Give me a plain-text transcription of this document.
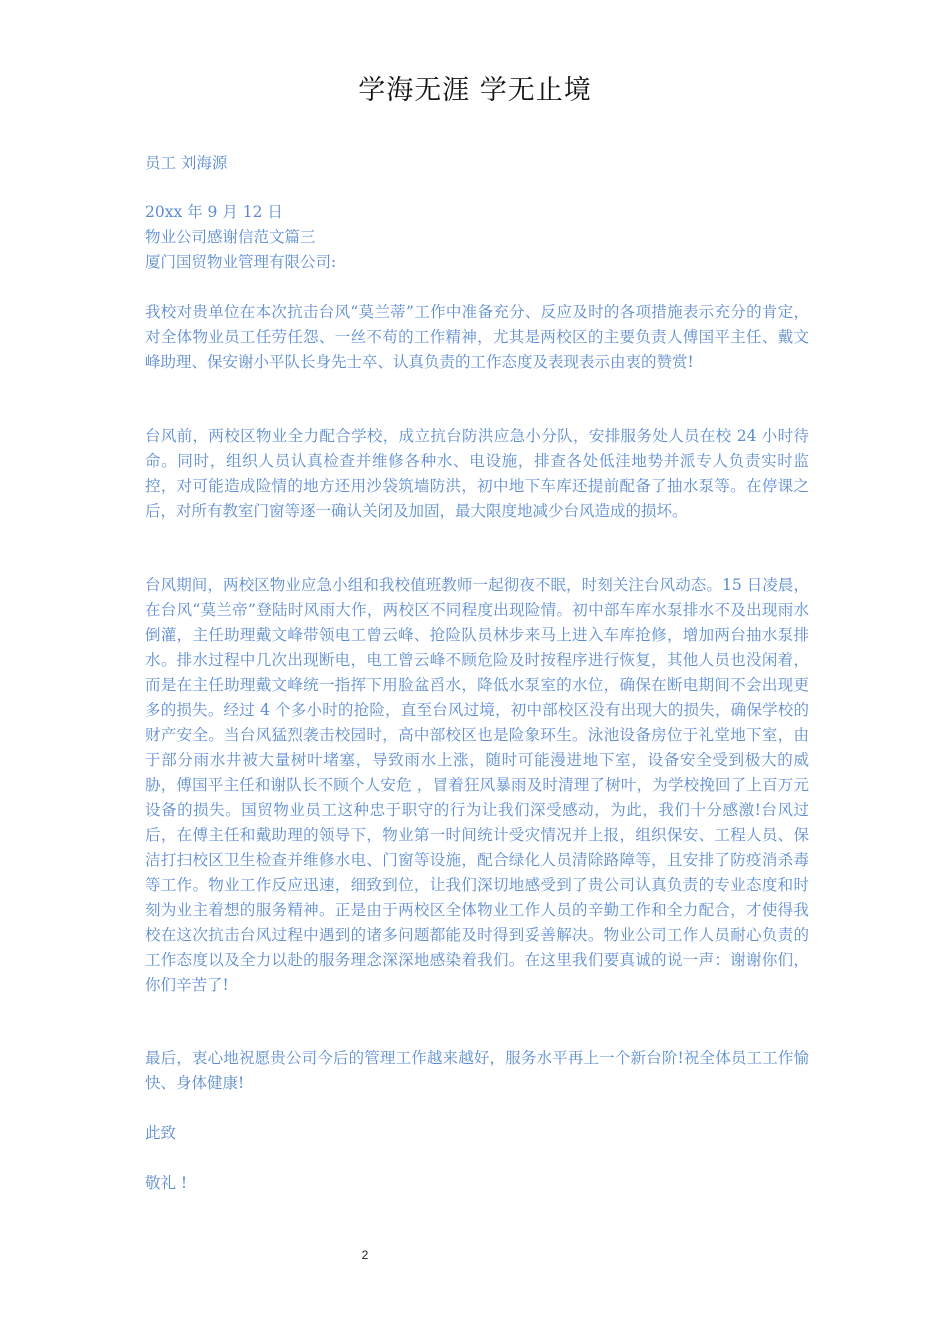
学海无涯 学无止境
员工 刘海源
20xx 年 9 月 12 日
物业公司感谢信范文篇三
厦门国贸物业管理有限公司:
我校对贵单位在本次抗击台风“莫兰蒂”工作中准备充分、反应及时的各项措施表示充分的肯定，对全体物业员工任劳任怨、一丝不苟的工作精神，尤其是两校区的主要负责人傅国平主任、戴文峰助理、保安谢小平队长身先士卒、认真负责的工作态度及表现表示由衷的赞赏!
台风前，两校区物业全力配合学校，成立抗台防洪应急小分队，安排服务处人员在校 24 小时待命。同时，组织人员认真检查并维修各种水、电设施，排查各处低洼地势并派专人负责实时监控，对可能造成险情的地方还用沙袋筑墙防洪，初中地下车库还提前配备了抽水泵等。在停课之后，对所有教室门窗等逐一确认关闭及加固，最大限度地减少台风造成的损坏。
台风期间，两校区物业应急小组和我校值班教师一起彻夜不眠，时刻关注台风动态。15 日凌晨，在台风“莫兰帝”登陆时风雨大作，两校区不同程度出现险情。初中部车库水泵排水不及出现雨水倒灌，主任助理戴文峰带领电工曾云峰、抢险队员林步来马上进入车库抢修，增加两台抽水泵排水。排水过程中几次出现断电，电工曾云峰不顾危险及时按程序进行恢复，其他人员也没闲着，而是在主任助理戴文峰统一指挥下用脸盆舀水，降低水泵室的水位，确保在断电期间不会出现更多的损失。经过 4 个多小时的抢险，直至台风过境，初中部校区没有出现大的损失，确保学校的财产安全。当台风猛烈袭击校园时，高中部校区也是险象环生。泳池设备房位于礼堂地下室，由于部分雨水井被大量树叶堵塞，导致雨水上涨，随时可能漫进地下室，设备安全受到极大的威胁，傅国平主任和谢队长不顾个人安危 ，冒着狂风暴雨及时清理了树叶，为学校挽回了上百万元设备的损失。国贸物业员工这种忠于职守的行为让我们深受感动，为此，我们十分感激!台风过后，在傅主任和戴助理的领导下，物业第一时间统计受灾情况并上报，组织保安、工程人员、保洁打扫校区卫生检查并维修水电、门窗等设施，配合绿化人员清除路障等，且安排了防疫消杀毒等工作。物业工作反应迅速，细致到位，让我们深切地感受到了贵公司认真负责的专业态度和时刻为业主着想的服务精神。正是由于两校区全体物业工作人员的辛勤工作和全力配合，才使得我校在这次抗击台风过程中遇到的诸多问题都能及时得到妥善解决。物业公司工作人员耐心负责的工作态度以及全力以赴的服务理念深深地感染着我们。在这里我们要真诚的说一声：谢谢你们，你们辛苦了!
最后，衷心地祝愿贵公司今后的管理工作越来越好，服务水平再上一个新台阶!祝全体员工工作愉快、身体健康!
此致
敬礼 !
2
